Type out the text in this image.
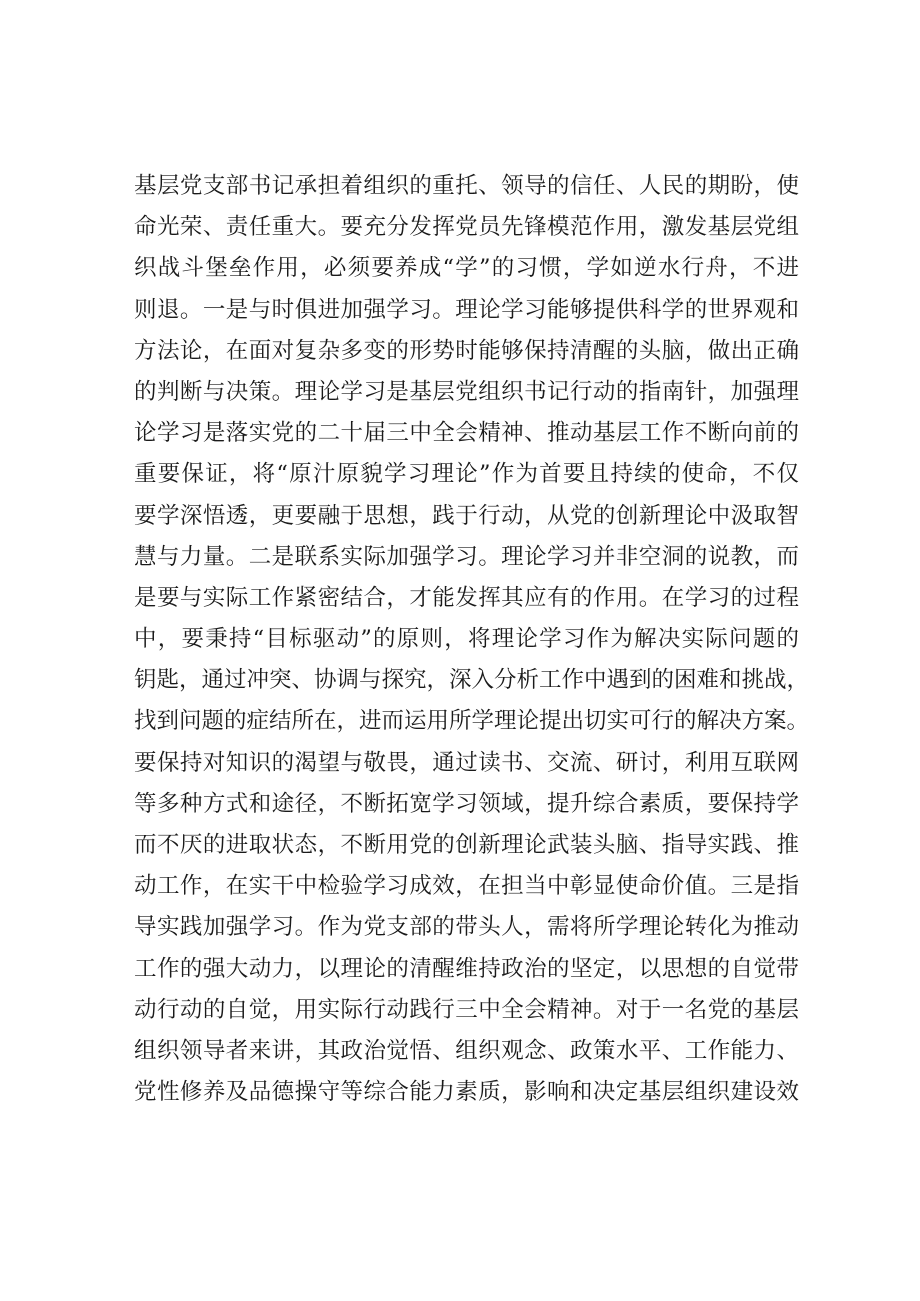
基层党支部书记承担着组织的重托、领导的信任、人民的期盼，使
命光荣、责任重大。要充分发挥党员先锋模范作用，激发基层党组
织战斗堡垒作用，必须要养成“学”的习惯，学如逆水行舟，不进
则退。一是与时俱进加强学习。理论学习能够提供科学的世界观和
方法论，在面对复杂多变的形势时能够保持清醒的头脑，做出正确
的判断与决策。理论学习是基层党组织书记行动的指南针，加强理
论学习是落实党的二十届三中全会精神、推动基层工作不断向前的
重要保证，将“原汁原貌学习理论”作为首要且持续的使命，不仅
要学深悟透，更要融于思想，践于行动，从党的创新理论中汲取智
慧与力量。二是联系实际加强学习。理论学习并非空洞的说教，而
是要与实际工作紧密结合，才能发挥其应有的作用。在学习的过程
中，要秉持“目标驱动”的原则，将理论学习作为解决实际问题的
钥匙，通过冲突、协调与探究，深入分析工作中遇到的困难和挑战，
找到问题的症结所在，进而运用所学理论提出切实可行的解决方案。
要保持对知识的渴望与敬畏，通过读书、交流、研讨，利用互联网
等多种方式和途径，不断拓宽学习领域，提升综合素质，要保持学
而不厌的进取状态，不断用党的创新理论武装头脑、指导实践、推
动工作，在实干中检验学习成效，在担当中彰显使命价值。三是指
导实践加强学习。作为党支部的带头人，需将所学理论转化为推动
工作的强大动力，以理论的清醒维持政治的坚定，以思想的自觉带
动行动的自觉，用实际行动践行三中全会精神。对于一名党的基层
组织领导者来讲，其政治觉悟、组织观念、政策水平、工作能力、
党性修养及品德操守等综合能力素质，影响和决定基层组织建设效
